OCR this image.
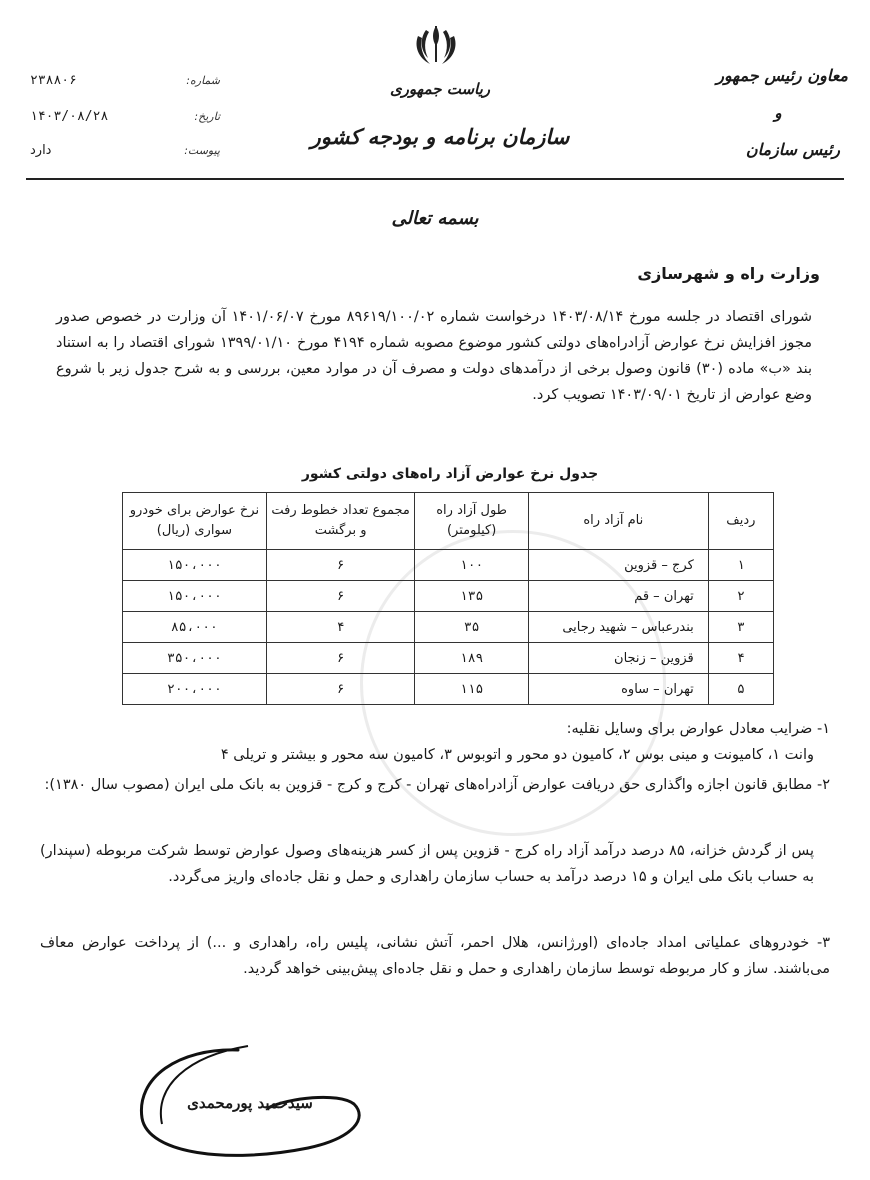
ریاست جمهوری
سازمان برنامه و بودجه کشور
معاون رئیس جمهور
و
رئیس سازمان
شماره:
۲۳۸۸۰۶
تاریخ:
۱۴۰۳/۰۸/۲۸
پیوست:
دارد
بسمه تعالی
وزارت راه و شهرسازی
شورای اقتصاد در جلسه مورخ ۱۴۰۳/۰۸/۱۴ درخواست شماره ۸۹۶۱۹/۱۰۰/۰۲ مورخ ۱۴۰۱/۰۶/۰۷ آن وزارت در خصوص صدور مجوز افزایش نرخ عوارض آزادراه‌های دولتی کشور موضوع مصوبه شماره ۴۱۹۴ مورخ ۱۳۹۹/۰۱/۱۰ شورای اقتصاد را به استناد بند «ب» ماده (۳۰) قانون وصول برخی از درآمدهای دولت و مصرف آن در موارد معین، بررسی و به شرح جدول زیر با شروع وضع عوارض از تاریخ ۱۴۰۳/۰۹/۰۱ تصویب کرد.
جدول نرخ عوارض آزاد راه‌های دولتی کشور
ردیف	نام آزاد راه	طول آزاد راه (کیلومتر)	مجموع تعداد خطوط رفت و برگشت	نرخ عوارض برای خودرو سواری (ریال)
۱	کرج – قزوین	۱۰۰	۶	۱۵۰،۰۰۰
۲	تهران – قم	۱۳۵	۶	۱۵۰،۰۰۰
۳	بندرعباس – شهید رجایی	۳۵	۴	۸۵،۰۰۰
۴	قزوین – زنجان	۱۸۹	۶	۳۵۰،۰۰۰
۵	تهران – ساوه	۱۱۵	۶	۲۰۰،۰۰۰
۱- ضرایب معادل عوارض برای وسایل نقلیه:
وانت ۱، کامیونت و مینی بوس ۲، کامیون دو محور و اتوبوس ۳، کامیون سه محور و بیشتر و تریلی ۴
۲- مطابق قانون اجازه واگذاری حق دریافت عوارض آزادراه‌های تهران - کرج و کرج - قزوین به بانک ملی ایران (مصوب سال ۱۳۸۰):
پس از گردش خزانه، ۸۵ درصد درآمد آزاد راه کرج - قزوین پس از کسر هزینه‌های وصول عوارض توسط شرکت مربوطه (سپندار) به حساب بانک ملی ایران و ۱۵ درصد درآمد به حساب سازمان راهداری و حمل و نقل جاده‌ای واریز می‌گردد.
۳- خودروهای عملیاتی امداد جاده‌ای (اورژانس، هلال احمر، آتش نشانی، پلیس راه، راهداری و ...) از پرداخت عوارض معاف می‌باشند. ساز و کار مربوطه توسط سازمان راهداری و حمل و نقل جاده‌ای پیش‌بینی خواهد گردید.
سیدحمید پورمحمدی
